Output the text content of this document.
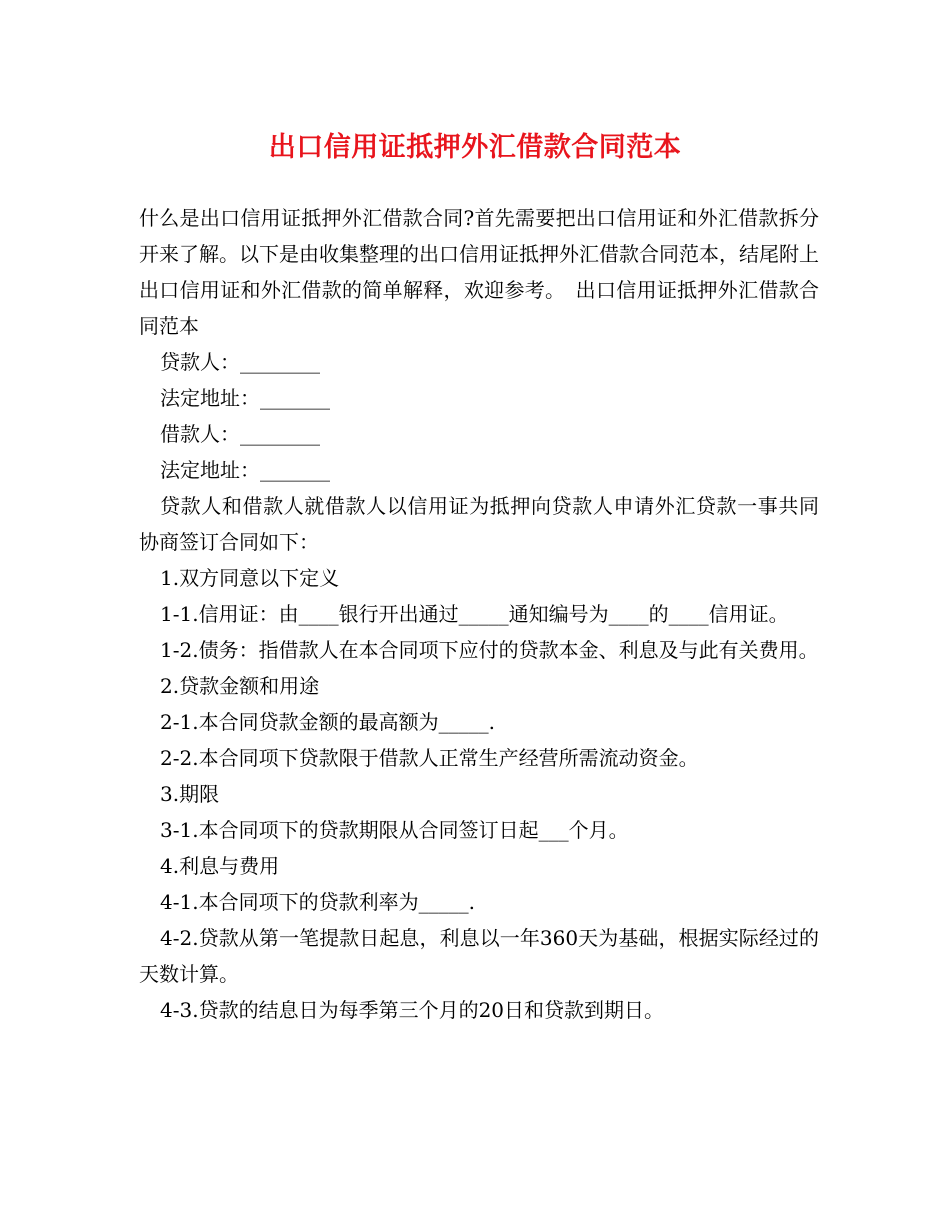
出口信用证抵押外汇借款合同范本

什么是出口信用证抵押外汇借款合同?首先需要把出口信用证和外汇借款拆分开来了解。以下是由收集整理的出口信用证抵押外汇借款合同范本，结尾附上出口信用证和外汇借款的简单解释，欢迎参考。　出口信用证抵押外汇借款合同范本

贷款人：________

法定地址：_______

借款人：________

法定地址：_______

贷款人和借款人就借款人以信用证为抵押向贷款人申请外汇贷款一事共同协商签订合同如下：

1.双方同意以下定义

1-1.信用证：由____银行开出通过_____通知编号为____的____信用证。

1-2.债务：指借款人在本合同项下应付的贷款本金、利息及与此有关费用。

2.贷款金额和用途

2-1.本合同贷款金额的最高额为_____.

2-2.本合同项下贷款限于借款人正常生产经营所需流动资金。

3.期限

3-1.本合同项下的贷款期限从合同签订日起___个月。

4.利息与费用

4-1.本合同项下的贷款利率为_____.

4-2.贷款从第一笔提款日起息，利息以一年360天为基础，根据实际经过的天数计算。

4-3.贷款的结息日为每季第三个月的20日和贷款到期日。
